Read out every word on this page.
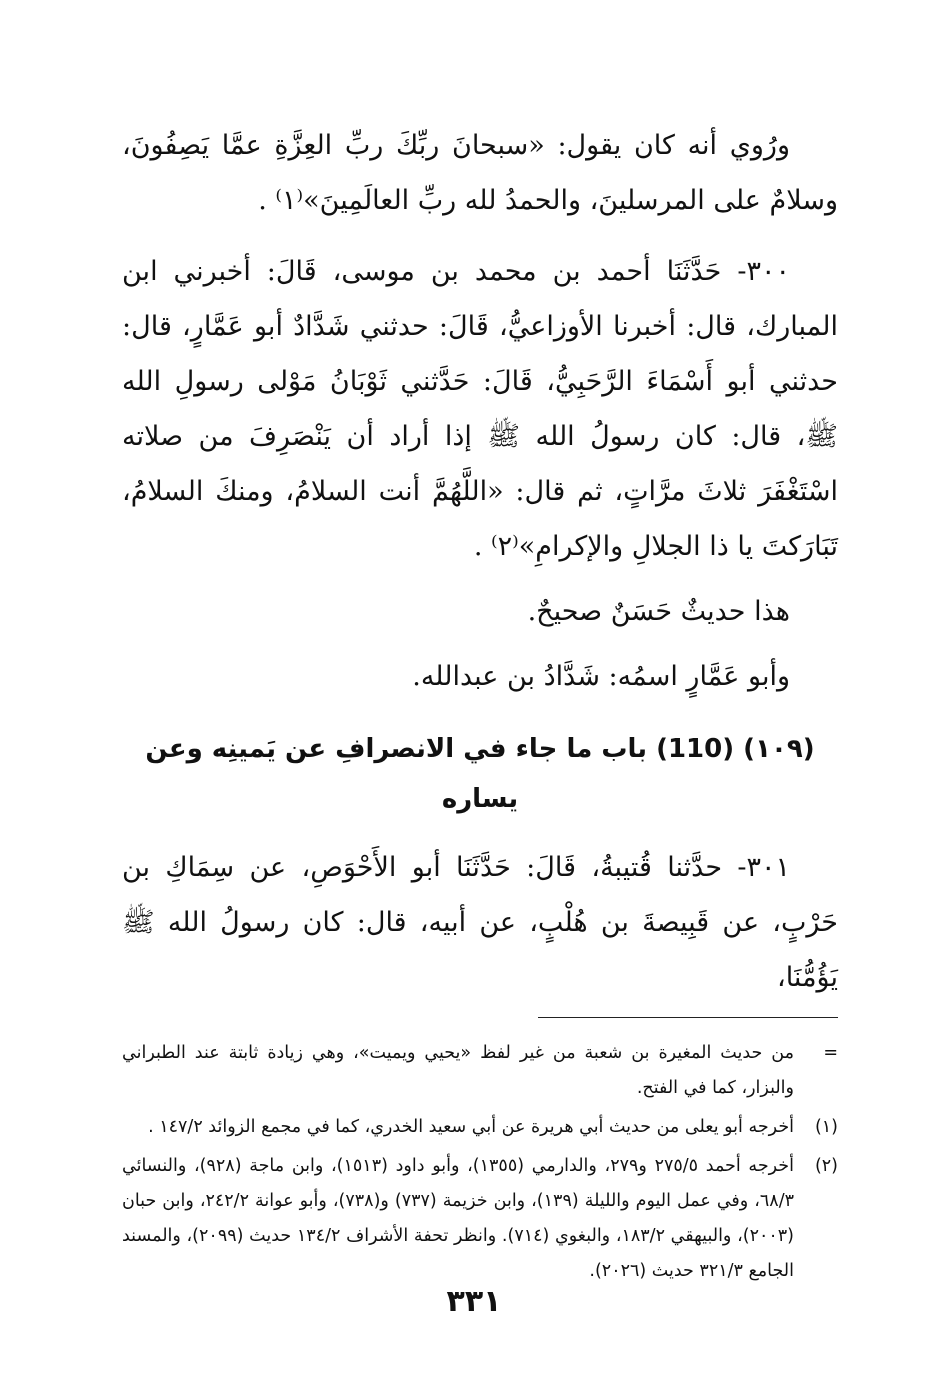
ورُوي أنه كان يقول: «سبحانَ ربِّكَ ربِّ العِزَّةِ عمَّا يَصِفُونَ، وسلامٌ على المرسلينَ، والحمدُ لله ربِّ العالَمِينَ»⁽١⁾ .

٣٠٠- حَدَّثَنَا أحمد بن محمد بن موسى، قَالَ: أخبرني ابن المبارك، قال: أخبرنا الأوزاعيُّ، قَالَ: حدثني شَدَّادٌ أبو عَمَّارٍ، قال: حدثني أبو أَسْمَاءَ الرَّحَبِيُّ، قَالَ: حَدَّثني ثَوْبَانُ مَوْلى رسولِ الله ﷺ، قال: كان رسولُ الله ﷺ إذا أراد أن يَنْصَرِفَ من صلاته اسْتَغْفَرَ ثلاثَ مرَّاتٍ، ثم قال: «اللَّهُمَّ أنت السلامُ، ومنكَ السلامُ، تَبَارَكتَ يا ذا الجلالِ والإكرامِ»⁽٢⁾ .

هذا حديثٌ حَسَنٌ صحيحٌ.

وأبو عَمَّارٍ اسمُه: شَدَّادُ بن عبدالله.

(١٠٩) (110) باب ما جاء في الانصرافِ عن يَمينِه وعن يساره

٣٠١- حدَّثنا قُتيبةُ، قَالَ: حَدَّثَنَا أبو الأَحْوَصِ، عن سِمَاكِ بن حَرْبٍ، عن قَبِيصةَ بن هُلْبٍ، عن أبيه، قال: كان رسولُ الله ﷺ يَؤُمُّنَا،

=
من حديث المغيرة بن شعبة من غير لفظ «يحيي ويميت»، وهي زيادة ثابتة عند الطبراني والبزار، كما في الفتح.
(١)
أخرجه أبو يعلى من حديث أبي هريرة عن أبي سعيد الخدري، كما في مجمع الزوائد ١٤٧/٢ .
(٢)
أخرجه أحمد ٢٧٥/٥ و٢٧٩، والدارمي (١٣٥٥)، وأبو داود (١٥١٣)، وابن ماجة (٩٢٨)، والنسائي ٦٨/٣، وفي عمل اليوم والليلة (١٣٩)، وابن خزيمة (٧٣٧) و(٧٣٨)، وأبو عوانة ٢٤٢/٢، وابن حبان (٢٠٠٣)، والبيهقي ١٨٣/٢، والبغوي (٧١٤). وانظر تحفة الأشراف ١٣٤/٢ حديث (٢٠٩٩)، والمسند الجامع ٣٢١/٣ حديث (٢٠٢٦).
٣٣١
